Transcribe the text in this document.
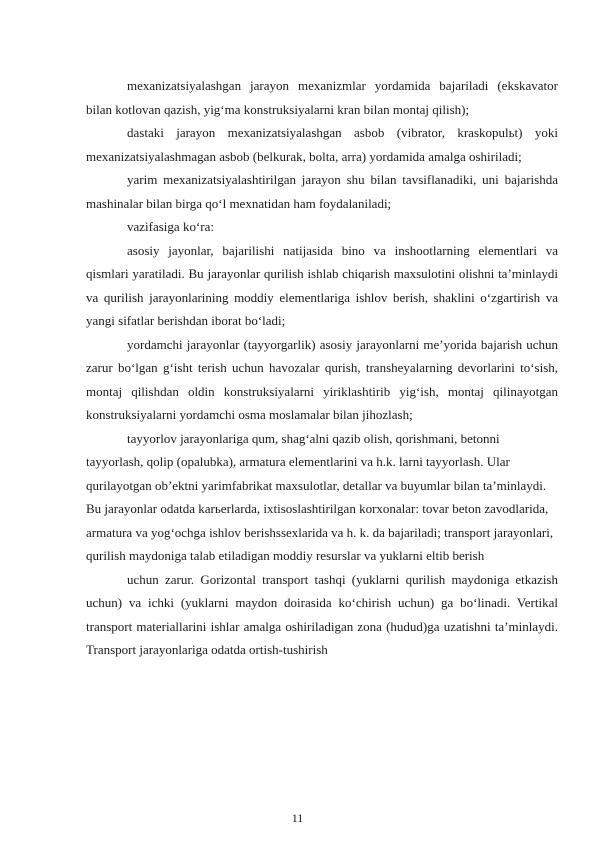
mexanizatsiyalashgan jarayon mexanizmlar yordamida bajariladi (ekskavator bilan kotlovan qazish, yig‘ma konstruksiyalarni kran bilan montaj qilish);

dastaki jarayon mexanizatsiyalashgan asbob (vibrator, kraskopulьt) yoki mexanizatsiyalashmagan asbob (belkurak, bolta, arra) yordamida amalga oshiriladi;

yarim mexanizatsiyalashtirilgan jarayon shu bilan tavsiflanadiki, uni bajarishda mashinalar bilan birga qo‘l mexnatidan ham foydalaniladi;

vazifasiga ko‘ra:

asosiy jayonlar, bajarilishi natijasida bino va inshootlarning elementlari va qismlari yaratiladi. Bu jarayonlar qurilish ishlab chiqarish maxsulotini olishni ta’minlaydi va qurilish jarayonlarining moddiy elementlariga ishlov berish, shaklini o‘zgartirish va yangi sifatlar berishdan iborat bo‘ladi;

yordamchi jarayonlar (tayyorgarlik) asosiy jarayonlarni me’yorida bajarish uchun zarur bo‘lgan g‘isht terish uchun havozalar qurish, transheyalarning devorlarini to‘sish, montaj qilishdan oldin konstruksiyalarni yiriklashtirib yig‘ish, montaj qilinayotgan konstruksiyalarni yordamchi osma moslamalar bilan jihozlash;

tayyorlov jarayonlariga qum, shag‘alni qazib olish, qorishmani, betonni tayyorlash, qolip (opalubka), armatura elementlarini va h.k. larni tayyorlash. Ular qurilayotgan ob’ektni yarimfabrikat maxsulotlar, detallar va buyumlar bilan ta’minlaydi. Bu jarayonlar odatda karьerlarda, ixtisoslashtirilgan korxonalar: tovar beton zavodlarida, armatura va yog‘ochga ishlov berishssexlarida va h. k. da bajariladi; transport jarayonlari, qurilish maydoniga talab etiladigan moddiy resurslar va yuklarni eltib berish

uchun zarur. Gorizontal transport tashqi (yuklarni qurilish maydoniga etkazish uchun) va ichki (yuklarni maydon doirasida ko‘chirish uchun) ga bo‘linadi. Vertikal transport materiallarini ishlar amalga oshiriladigan zona (hudud)ga uzatishni ta’minlaydi. Transport jarayonlariga odatda ortish-tushirish

11
